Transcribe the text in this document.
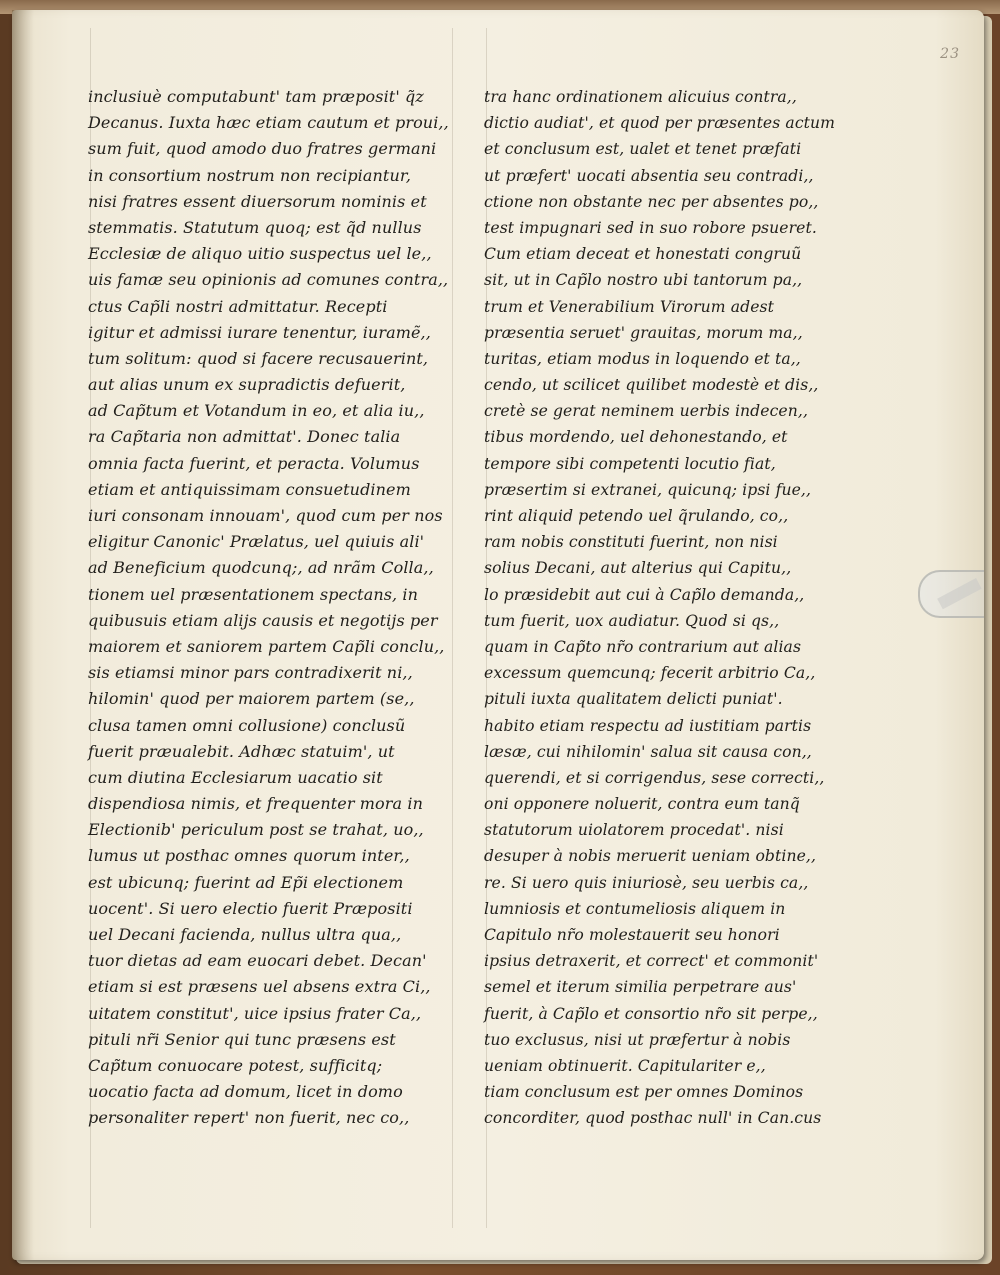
23
inclusiuè computabunt' tam præposit' q̃z
Decanus. Iuxta hæc etiam cautum et proui,,
sum fuit, quod amodo duo fratres germani
in consortium nostrum non recipiantur,
nisi fratres essent diuersorum nominis et
stemmatis. Statutum quoq; est q̃d nullus
Ecclesiæ de aliquo uitio suspectus uel le,,
uis famæ seu opinionis ad comunes contra,,
ctus Cap̃li nostri admittatur. Recepti
igitur et admissi iurare tenentur, iuramẽ,,
tum solitum: quod si facere recusauerint,
aut alias unum ex supradictis defuerit,
ad Cap̃tum et Votandum in eo, et alia iu,,
ra Cap̃taria non admittat'. Donec talia
omnia facta fuerint, et peracta. Volumus
etiam et antiquissimam consuetudinem
iuri consonam innouam', quod cum per nos
eligitur Canonic' Prælatus, uel quiuis ali'
ad Beneficium quodcunq;, ad nrãm Colla,,
tionem uel præsentationem spectans, in
quibusuis etiam alijs causis et negotijs per
maiorem et saniorem partem Cap̃li conclu,,
sis etiamsi minor pars contradixerit ni,,
hilomin' quod per maiorem partem (se,,
clusa tamen omni collusione) conclusũ
fuerit præualebit. Adhæc statuim', ut
cum diutina Ecclesiarum uacatio sit
dispendiosa nimis, et frequenter mora in
Electionib' periculum post se trahat, uo,,
lumus ut posthac omnes quorum inter,,
est ubicunq; fuerint ad Ep̃i electionem
uocent'. Si uero electio fuerit Præpositi
uel Decani facienda, nullus ultra qua,,
tuor dietas ad eam euocari debet. Decan'
etiam si est præsens uel absens extra Ci,,
uitatem constitut', uice ipsius frater Ca,,
pituli nr̃i Senior qui tunc præsens est
Cap̃tum conuocare potest, sufficitq;
uocatio facta ad domum, licet in domo
personaliter repert' non fuerit, nec co,,
tra hanc ordinationem alicuius contra,,
dictio audiat', et quod per præsentes actum
et conclusum est, ualet et tenet præfati
ut præfert' uocati absentia seu contradi,,
ctione non obstante nec per absentes po,,
test impugnari sed in suo robore psueret.
Cum etiam deceat et honestati congruũ
sit, ut in Cap̃lo nostro ubi tantorum pa,,
trum et Venerabilium Virorum adest
præsentia seruet' grauitas, morum ma,,
turitas, etiam modus in loquendo et ta,,
cendo, ut scilicet quilibet modestè et dis,,
cretè se gerat neminem uerbis indecen,,
tibus mordendo, uel dehonestando, et
tempore sibi competenti locutio fiat,
præsertim si extranei, quicunq; ipsi fue,,
rint aliquid petendo uel q̃rulando, co,,
ram nobis constituti fuerint, non nisi
solius Decani, aut alterius qui Capitu,,
lo præsidebit aut cui à Cap̃lo demanda,,
tum fuerit, uox audiatur. Quod si qs,,
quam in Cap̃to nr̃o contrarium aut alias
excessum quemcunq; fecerit arbitrio Ca,,
pituli iuxta qualitatem delicti puniat'.
habito etiam respectu ad iustitiam partis
læsæ, cui nihilomin' salua sit causa con,,
querendi, et si corrigendus, sese correcti,,
oni opponere noluerit, contra eum tanq̃
statutorum uiolatorem procedat'. nisi
desuper à nobis meruerit ueniam obtine,,
re. Si uero quis iniuriosè, seu uerbis ca,,
lumniosis et contumeliosis aliquem in
Capitulo nr̃o molestauerit seu honori
ipsius detraxerit, et correct' et commonit'
semel et iterum similia perpetrare aus'
fuerit, à Cap̃lo et consortio nr̃o sit perpe,,
tuo exclusus, nisi ut præfertur à nobis
ueniam obtinuerit. Capitulariter e,,
tiam conclusum est per omnes Dominos
concorditer, quod posthac null' in Can.cus
